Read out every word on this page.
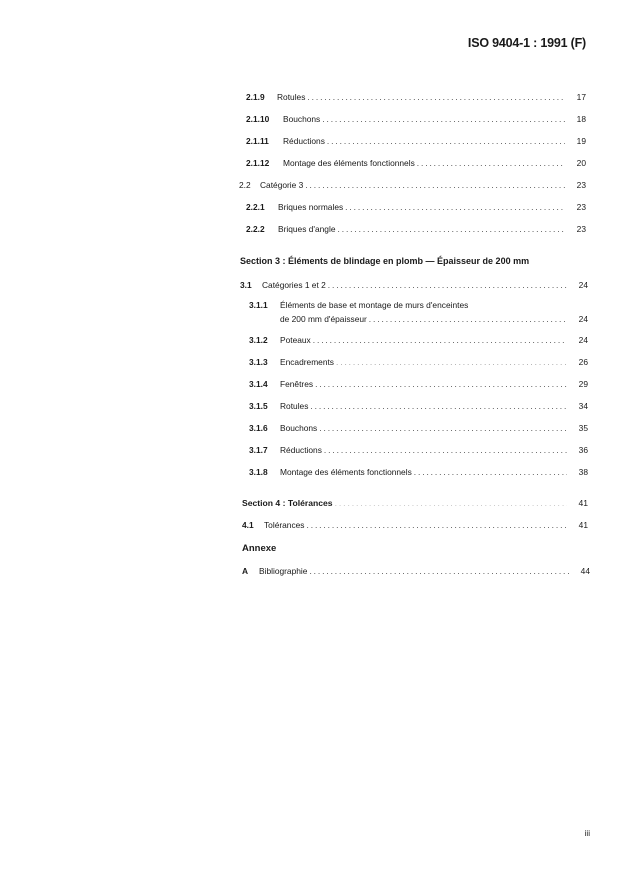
ISO 9404-1 : 1991 (F)
2.1.9 Rotules .....	17
2.1.10 Bouchons .....	18
2.1.11 Réductions .....	19
2.1.12 Montage des éléments fonctionnels .....	20
2.2 Catégorie 3 .....	23
2.2.1 Briques normales .....	23
2.2.2 Briques d'angle .....	23
Section 3 : Éléments de blindage en plomb — Épaisseur de 200 mm
3.1 Catégories 1 et 2 .....	24
3.1.1 Éléments de base et montage de murs d'enceintes
de 200 mm d'épaisseur .....	24
3.1.2 Poteaux .....	24
3.1.3 Encadrements .....	26
3.1.4 Fenêtres .....	29
3.1.5 Rotules .....	34
3.1.6 Bouchons .....	35
3.1.7 Réductions .....	36
3.1.8 Montage des éléments fonctionnels .....	38
Section 4 : Tolérances .....	41
4.1 Tolérances .....	41
Annexe
A Bibliographie .....	44
iii
